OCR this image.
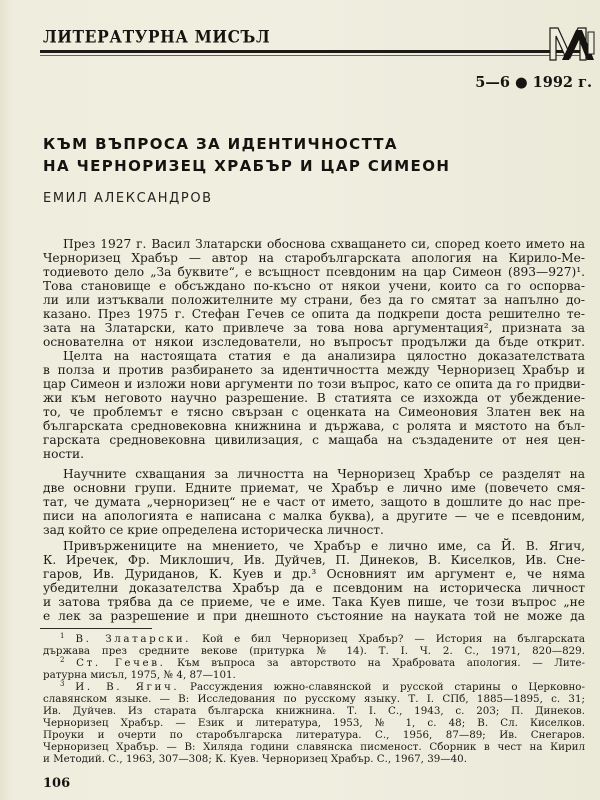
ЛИТЕРАТУРНА МИСЪЛ
5—6 ● 1992 г.
КЪМ ВЪПРОСА ЗА ИДЕНТИЧНОСТТА
НА ЧЕРНОРИЗЕЦ ХРАБЪР И ЦАР СИМЕОН
ЕМИЛ АЛЕКСАНДРОВ
През 1927 г. Васил Златарски обоснова схващането си, според което името на
Черноризец Храбър — автор на старобългарската апология на Кирило-Ме-
тодиевото дело „За буквите“, е всъщност псевдоним на цар Симеон (893—927)¹.
Това становище е обсъждано по-късно от някои учени, които са го оспорва-
ли или изтъквали положителните му страни, без да го смятат за напълно до-
казано. През 1975 г. Стефан Гечев се опита да подкрепи доста решително те-
зата на Златарски, като привлече за това нова аргументация², призната за
основателна от някои изследователи, но въпросът продължи да бъде открит.
Целта на настоящата статия е да анализира цялостно доказателствата
в полза и против разбирането за идентичността между Черноризец Храбър и
цар Симеон и изложи нови аргументи по този въпрос, като се опита да го придви-
жи към неговото научно разрешение. В статията се изхожда от убеждение-
то, че проблемът е тясно свързан с оценката на Симеоновия Златен век на
българската средновековна книжнина и държава, с ролята и мястото на бъл-
гарската средновековна цивилизация, с мащаба на създадените от нея цен-
ности.
Научните схващания за личността на Черноризец Храбър се разделят на
две основни групи. Едните приемат, че Храбър е лично име (повечето смя-
тат, че думата „черноризец“ не е част от името, защото в дошлите до нас пре-
писи на апологията е написана с малка буква), а другите — че е псевдоним,
зад който се крие определена историческа личност.
Привържениците на мнението, че Храбър е лично име, са Й. В. Ягич,
К. Иречек, Фр. Миклошич, Ив. Дуйчев, П. Динеков, В. Киселков, Ив. Сне-
гаров, Ив. Дуриданов, К. Куев и др.³ Основният им аргумент е, че няма
убедителни доказателства Храбър да е псевдоним на историческа личност
и затова трябва да се приеме, че е име. Така Куев пише, че този въпрос „не
е лек за разрешение и при днешното състояние на науката той не може да
$^1$ В. Златарски. Кой е бил Черноризец Храбър? — История на българската
държава през средните векове (притурка № 14). Т. I. Ч. 2. С., 1971, 820—829.
$^2$ Ст. Гечев. Към въпроса за авторството на Храбровата апология. — Лите-
ратурна мисъл, 1975, № 4, 87—101.
$^3$ И. В. Ягич. Рассуждения южно-славянской и русской старины о Церковно-
славянском языке. — В: Исследования по русскому языку. Т. I. СПб, 1885—1895, с. 31;
Ив. Дуйчев. Из старата българска книжнина. Т. I. С., 1943, с. 203; П. Динеков.
Черноризец Храбър. — Език и литература, 1953, № 1, с. 48; В. Сл. Киселков.
Проуки и очерти по старобългарска литература. С., 1956, 87—89; Ив. Снегаров.
Черноризец Храбър. — В: Хиляда години славянска писменост. Сборник в чест на Кирил
и Методий. С., 1963, 307—308; К. Куев. Черноризец Храбър. С., 1967, 39—40.
106
